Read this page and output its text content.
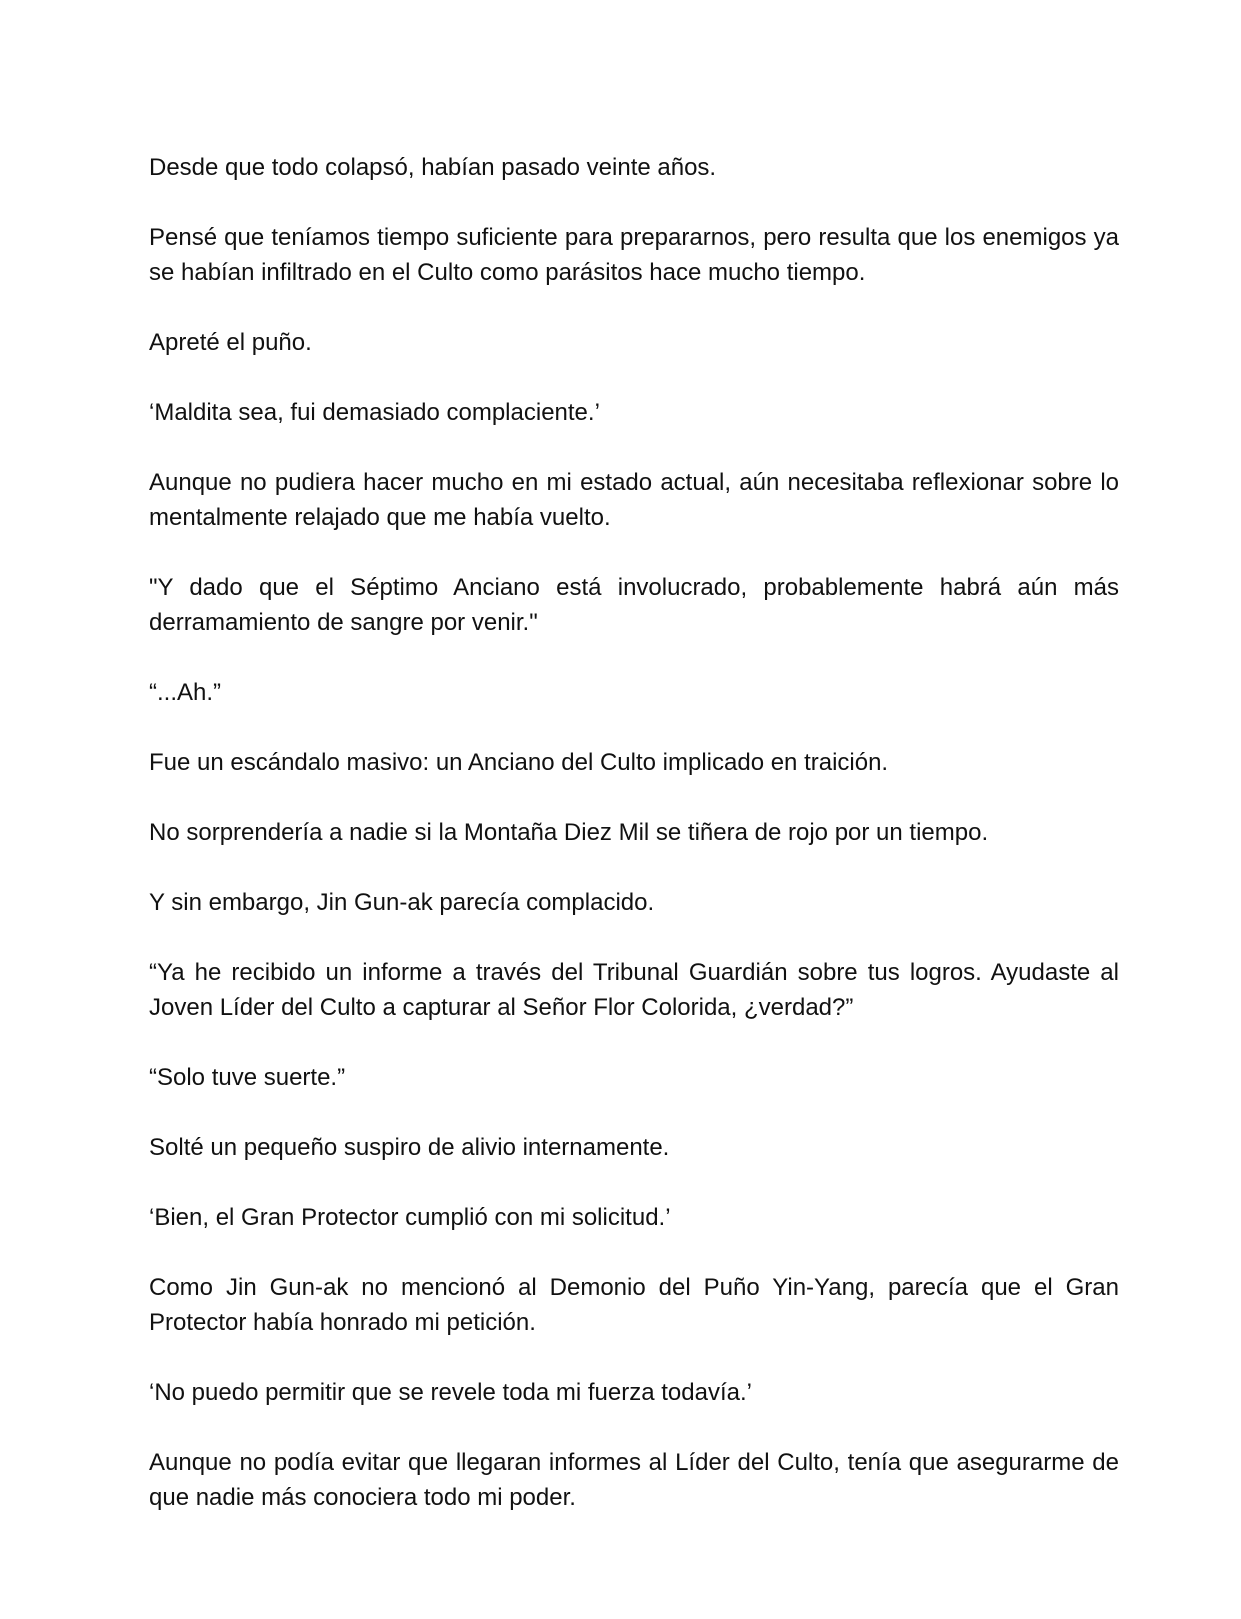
Desde que todo colapsó, habían pasado veinte años.

Pensé que teníamos tiempo suficiente para prepararnos, pero resulta que los enemigos ya se habían infiltrado en el Culto como parásitos hace mucho tiempo.

Apreté el puño.

‘Maldita sea, fui demasiado complaciente.’

Aunque no pudiera hacer mucho en mi estado actual, aún necesitaba reflexionar sobre lo mentalmente relajado que me había vuelto.

"Y dado que el Séptimo Anciano está involucrado, probablemente habrá aún más derramamiento de sangre por venir."

“...Ah.”

Fue un escándalo masivo: un Anciano del Culto implicado en traición.

No sorprendería a nadie si la Montaña Diez Mil se tiñera de rojo por un tiempo.

Y sin embargo, Jin Gun-ak parecía complacido.

“Ya he recibido un informe a través del Tribunal Guardián sobre tus logros. Ayudaste al Joven Líder del Culto a capturar al Señor Flor Colorida, ¿verdad?”

“Solo tuve suerte.”

Solté un pequeño suspiro de alivio internamente.

‘Bien, el Gran Protector cumplió con mi solicitud.’

Como Jin Gun-ak no mencionó al Demonio del Puño Yin-Yang, parecía que el Gran Protector había honrado mi petición.

‘No puedo permitir que se revele toda mi fuerza todavía.’

Aunque no podía evitar que llegaran informes al Líder del Culto, tenía que asegurarme de que nadie más conociera todo mi poder.
